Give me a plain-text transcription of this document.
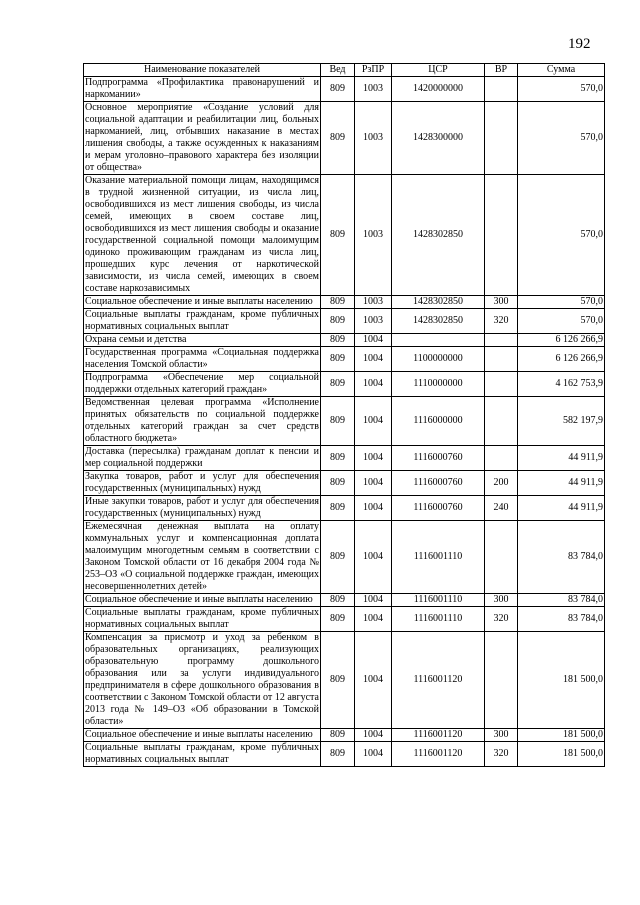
192
Наименование показателей	Вед	РзПР	ЦСР	ВР	Сумма
Подпрограмма «Профилактика правонарушений и наркомании»	809	1003	1420000000		570,0
Основное мероприятие «Создание условий для социальной адаптации и реабилитации лиц, больных наркоманией, лиц, отбывших наказание в местах лишения свободы, а также осужденных к наказаниям и мерам уголовно–правового характера без изоляции от общества»	809	1003	1428300000		570,0
Оказание материальной помощи лицам, находящимся в трудной жизненной ситуации, из числа лиц, освободившихся из мест лишения свободы, из числа семей, имеющих в своем составе лиц, освободившихся из мест лишения свободы и оказание государственной социальной помощи малоимущим одиноко проживающим гражданам из числа лиц, прошедших курс лечения от наркотической зависимости, из числа семей, имеющих в своем составе наркозависимых	809	1003	1428302850		570,0
Социальное обеспечение и иные выплаты населению	809	1003	1428302850	300	570,0
Социальные выплаты гражданам, кроме публичных нормативных социальных выплат	809	1003	1428302850	320	570,0
Охрана семьи и детства	809	1004			6 126 266,9
Государственная программа «Социальная поддержка населения Томской области»	809	1004	1100000000		6 126 266,9
Подпрограмма «Обеспечение мер социальной поддержки отдельных категорий граждан»	809	1004	1110000000		4 162 753,9
Ведомственная целевая программа «Исполнение принятых обязательств по социальной поддержке отдельных категорий граждан за счет средств областного бюджета»	809	1004	1116000000		582 197,9
Доставка (пересылка) гражданам доплат к пенсии и мер социальной поддержки	809	1004	1116000760		44 911,9
Закупка товаров, работ и услуг для обеспечения государственных (муниципальных) нужд	809	1004	1116000760	200	44 911,9
Иные закупки товаров, работ и услуг для обеспечения государственных (муниципальных) нужд	809	1004	1116000760	240	44 911,9
Ежемесячная денежная выплата на оплату коммунальных услуг и компенсационная доплата малоимущим многодетным семьям в соответствии с Законом Томской области от 16 декабря 2004 года № 253–ОЗ «О социальной поддержке граждан, имеющих несовершеннолетних детей»	809	1004	1116001110		83 784,0
Социальное обеспечение и иные выплаты населению	809	1004	1116001110	300	83 784,0
Социальные выплаты гражданам, кроме публичных нормативных социальных выплат	809	1004	1116001110	320	83 784,0
Компенсация за присмотр и уход за ребенком в образовательных организациях, реализующих образовательную программу дошкольного образования или за услуги индивидуального предпринимателя в сфере дошкольного образования в соответствии с Законом Томской области от 12 августа 2013 года № 149–ОЗ «Об образовании в Томской области»	809	1004	1116001120		181 500,0
Социальное обеспечение и иные выплаты населению	809	1004	1116001120	300	181 500,0
Социальные выплаты гражданам, кроме публичных нормативных социальных выплат	809	1004	1116001120	320	181 500,0
